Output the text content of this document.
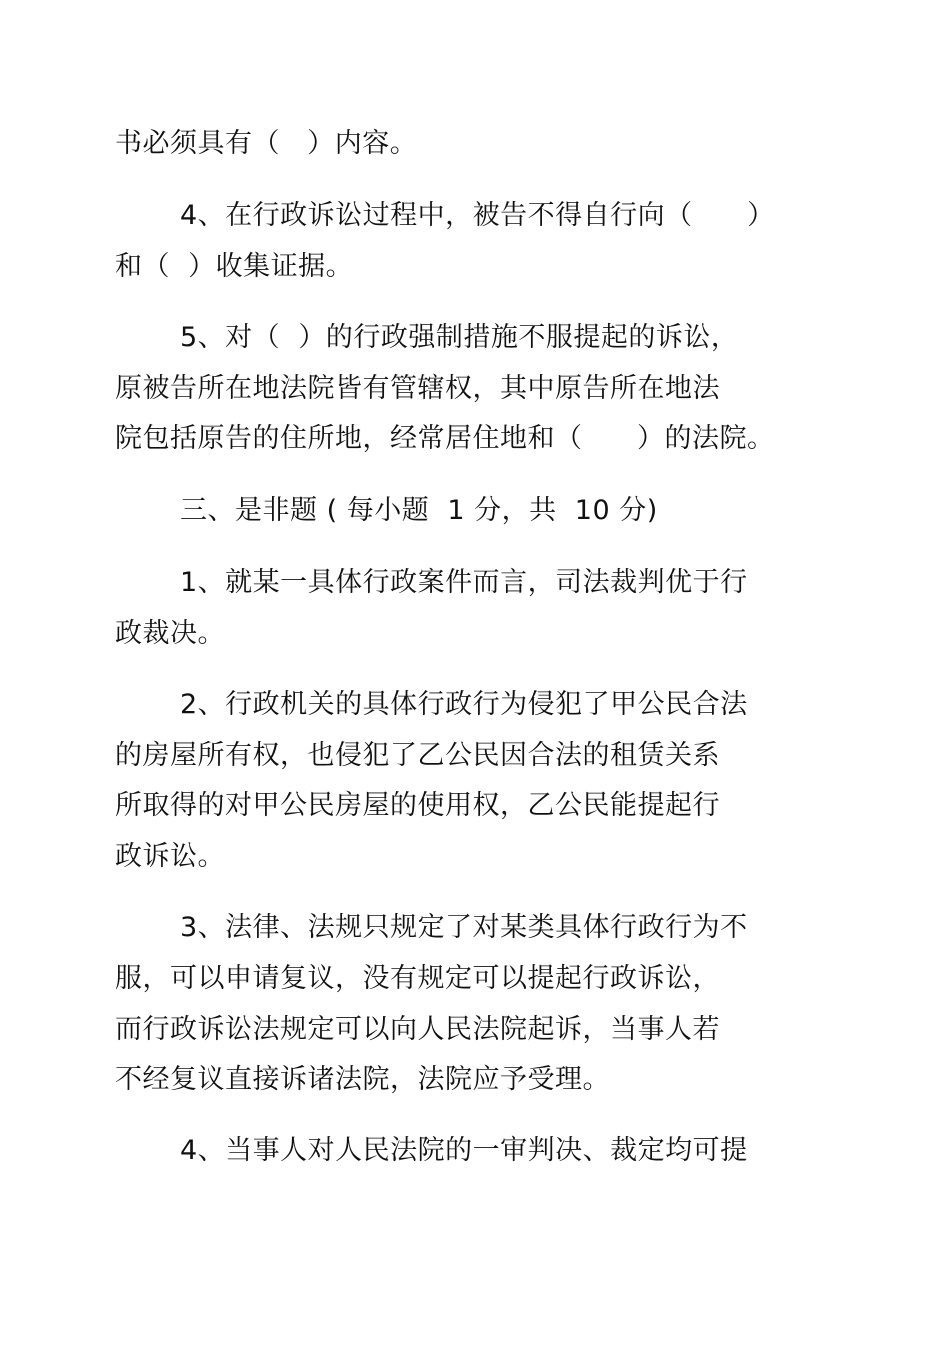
书必须具有（   ）内容。
4、在行政诉讼过程中，被告不得自行向（      ）
和（  ）收集证据。
5、对（  ）的行政强制措施不服提起的诉讼，
原被告所在地法院皆有管辖权，其中原告所在地法
院包括原告的住所地，经常居住地和（      ）的法院。
三、是非题 ( 每小题  1 分，共  10 分)
1、就某一具体行政案件而言，司法裁判优于行
政裁决。
2、行政机关的具体行政行为侵犯了甲公民合法
的房屋所有权，也侵犯了乙公民因合法的租赁关系
所取得的对甲公民房屋的使用权，乙公民能提起行
政诉讼。
3、法律、法规只规定了对某类具体行政行为不
服，可以申请复议，没有规定可以提起行政诉讼，
而行政诉讼法规定可以向人民法院起诉，当事人若
不经复议直接诉诸法院，法院应予受理。
4、当事人对人民法院的一审判决、裁定均可提
